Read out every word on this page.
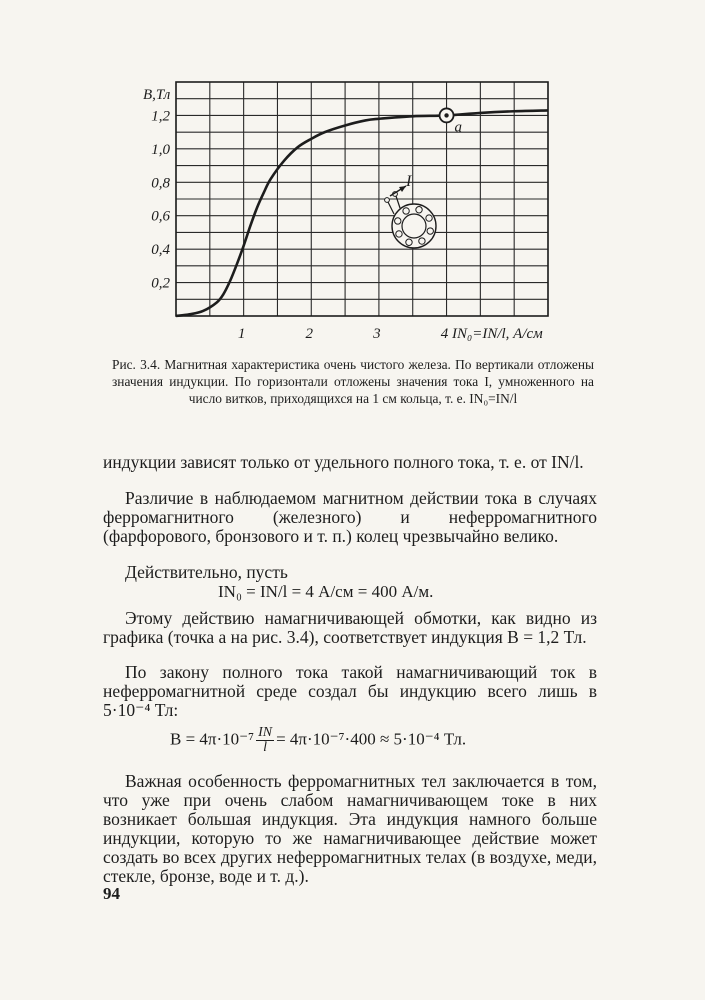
0,2
0,4
0,6
0,8
1,0
1,2
1	2	3	4
B,Тл
IN₀=IN/l, А/см
a
I
Рис. 3.4. Магнитная характеристика очень чистого железа. По вертикали отложены значения индукции. По горизонтали отложены значения тока I, умноженного на число витков, приходящихся на 1 см кольца, т. е. IN₀=IN/l
индукции зависят только от удельного полного тока, т. е. от IN/l.
Различие в наблюдаемом магнитном действии тока в случаях ферромагнитного (железного) и неферромагнитного (фарфорового, бронзового и т. п.) колец чрезвычайно велико.
Действительно, пусть
IN₀ = IN/l = 4 А/см = 400 А/м.
Этому действию намагничивающей обмотки, как видно из графика (точка a на рис. 3.4), соответствует индукция B = 1,2 Тл.
По закону полного тока такой намагничивающий ток в неферромагнитной среде создал бы индукцию всего лишь в 5·10⁻⁴ Тл:
$B = 4\pi\cdot 10^{-7} \frac{IN}{l} = 4\pi\cdot 10^{-7}\cdot 400 \approx 5\cdot 10^{-4}$ Тл.
Важная особенность ферромагнитных тел заключается в том, что уже при очень слабом намагничивающем токе в них возникает большая индукция. Эта индукция намного больше индукции, которую то же намагничивающее действие может создать во всех других неферромагнитных телах (в воздухе, меди, стекле, бронзе, воде и т. д.).
94
